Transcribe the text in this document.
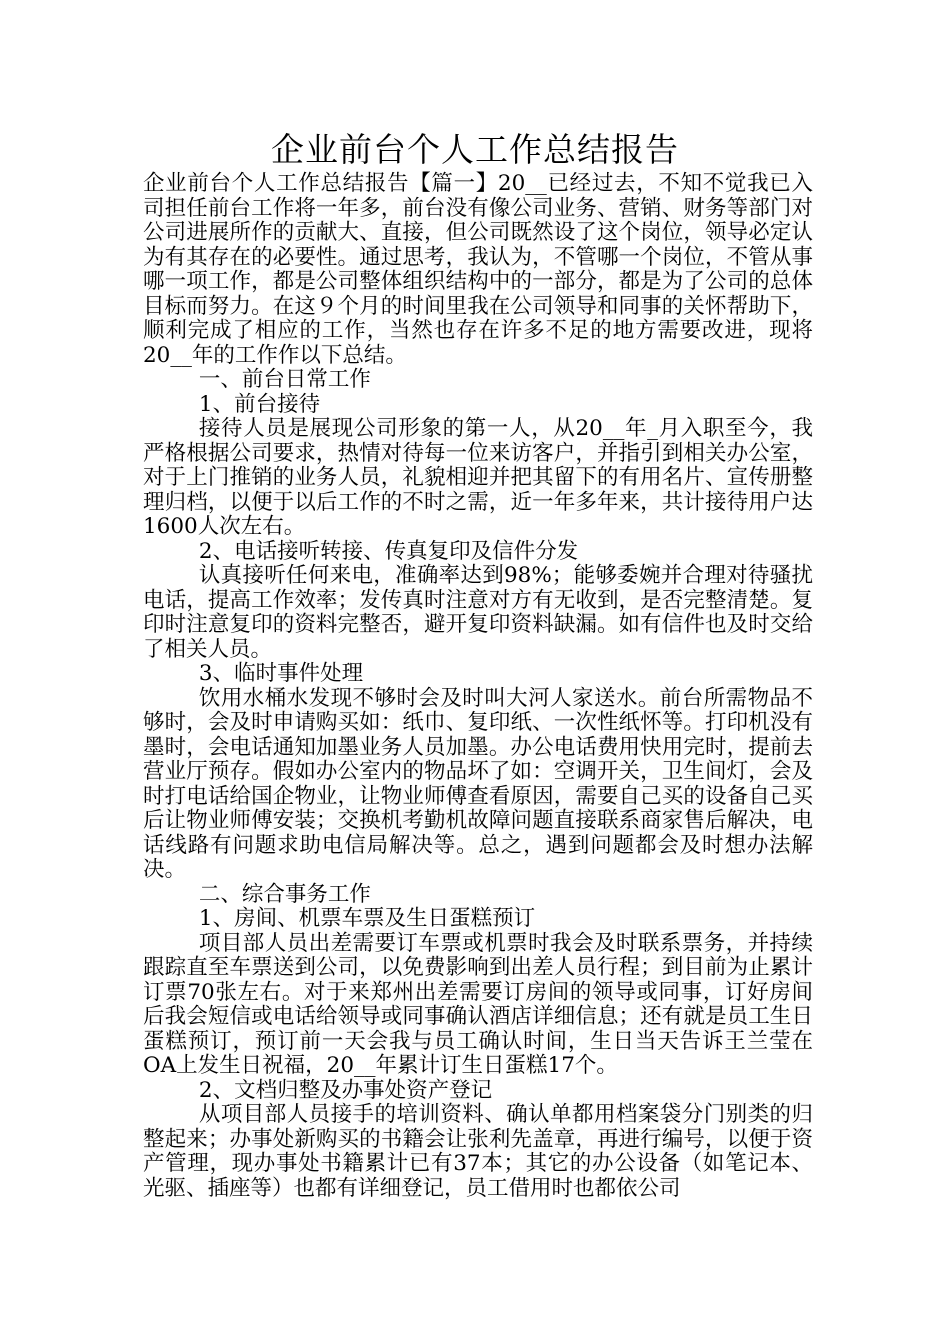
企业前台个人工作总结报告

企业前台个人工作总结报告【篇一】20__已经过去，不知不觉我已入司担任前台工作将一年多，前台没有像公司业务、营销、财务等部门对公司进展所作的贡献大、直接，但公司既然设了这个岗位，领导必定认为有其存在的必要性。通过思考，我认为，不管哪一个岗位，不管从事哪一项工作，都是公司整体组织结构中的一部分，都是为了公司的总体目标而努力。在这９个月的时间里我在公司领导和同事的关怀帮助下，顺利完成了相应的工作，当然也存在许多不足的地方需要改进，现将20__年的工作作以下总结。

一、前台日常工作

1、前台接待

接待人员是展现公司形象的第一人，从20__年_月入职至今，我严格根据公司要求，热情对待每一位来访客户，并指引到相关办公室，对于上门推销的业务人员，礼貌相迎并把其留下的有用名片、宣传册整理归档，以便于以后工作的不时之需，近一年多年来，共计接待用户达1600人次左右。

2、电话接听转接、传真复印及信件分发

认真接听任何来电，准确率达到98%；能够委婉并合理对待骚扰电话，提高工作效率；发传真时注意对方有无收到，是否完整清楚。复印时注意复印的资料完整否，避开复印资料缺漏。如有信件也及时交给了相关人员。

3、临时事件处理

饮用水桶水发现不够时会及时叫大河人家送水。前台所需物品不够时，会及时申请购买如：纸巾、复印纸、一次性纸怀等。打印机没有墨时，会电话通知加墨业务人员加墨。办公电话费用快用完时，提前去营业厅预存。假如办公室内的物品坏了如：空调开关，卫生间灯，会及时打电话给国企物业，让物业师傅查看原因，需要自己买的设备自己买后让物业师傅安装；交换机考勤机故障问题直接联系商家售后解决，电话线路有问题求助电信局解决等。总之，遇到问题都会及时想办法解决。

二、综合事务工作

1、房间、机票车票及生日蛋糕预订

项目部人员出差需要订车票或机票时我会及时联系票务，并持续跟踪直至车票送到公司，以免费影响到出差人员行程；到目前为止累计订票70张左右。对于来郑州出差需要订房间的领导或同事，订好房间后我会短信或电话给领导或同事确认酒店详细信息；还有就是员工生日蛋糕预订，预订前一天会我与员工确认时间，生日当天告诉王兰莹在OA上发生日祝福，20__年累计订生日蛋糕17个。

2、文档归整及办事处资产登记

从项目部人员接手的培训资料、确认单都用档案袋分门别类的归整起来；办事处新购买的书籍会让张利先盖章，再进行编号，以便于资产管理，现办事处书籍累计已有37本；其它的办公设备（如笔记本、光驱、插座等）也都有详细登记，员工借用时也都依公司
